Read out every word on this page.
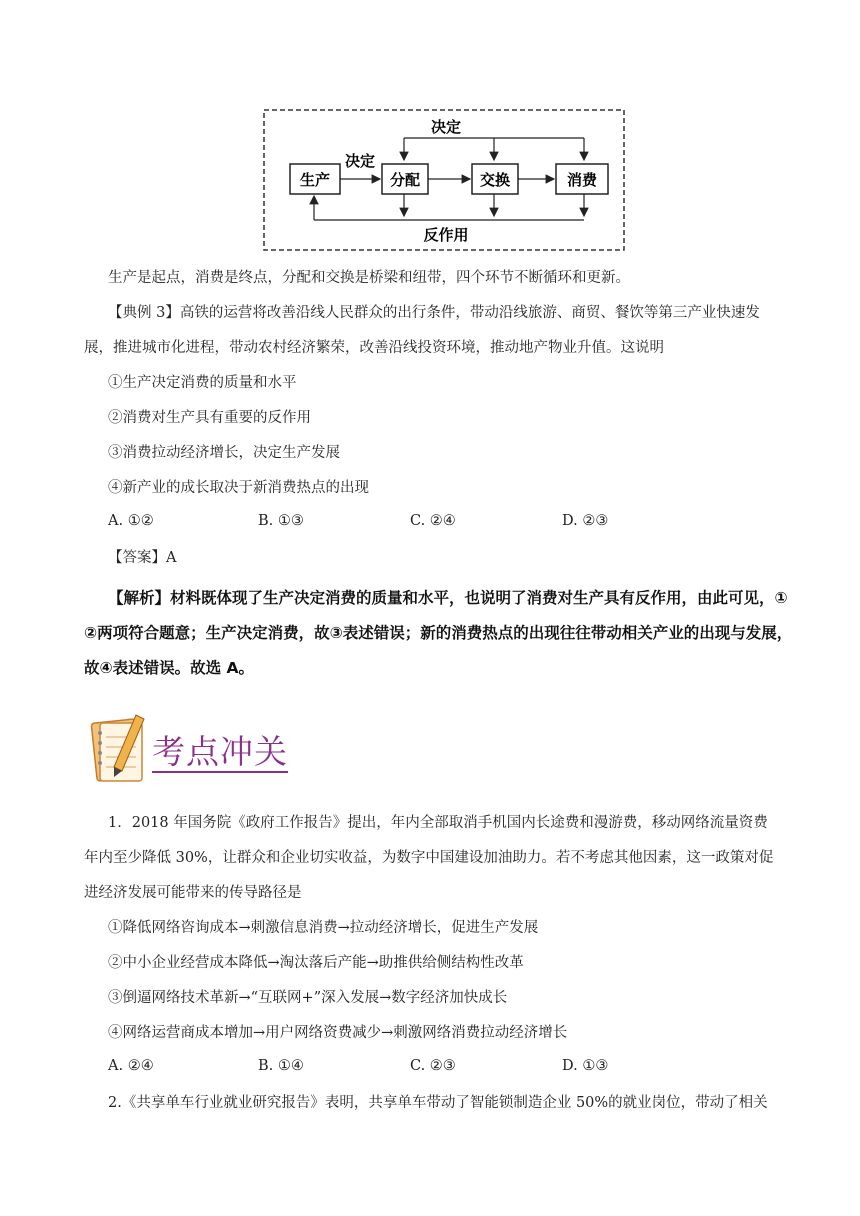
决定
决定
反作用
生产	分配	交换	消费
生产是起点，消费是终点，分配和交换是桥梁和纽带，四个环节不断循环和更新。
【典例 3】高铁的运营将改善沿线人民群众的出行条件，带动沿线旅游、商贸、餐饮等第三产业快速发
展，推进城市化进程，带动农村经济繁荣，改善沿线投资环境，推动地产物业升值。这说明
①生产决定消费的质量和水平
②消费对生产具有重要的反作用
③消费拉动经济增长，决定生产发展
④新产业的成长取决于新消费热点的出现
A. ①②	B. ①③	C. ②④	D. ②③
【答案】A
【解析】材料既体现了生产决定消费的质量和水平，也说明了消费对生产具有反作用，由此可见，①
②两项符合题意；生产决定消费，故③表述错误；新的消费热点的出现往往带动相关产业的出现与发展，
故④表述错误。故选 A。
考点冲关
1．2018 年国务院《政府工作报告》提出，年内全部取消手机国内长途费和漫游费，移动网络流量资费
年内至少降低 30%，让群众和企业切实收益，为数字中国建设加油助力。若不考虑其他因素，这一政策对促
进经济发展可能带来的传导路径是
①降低网络咨询成本→刺激信息消费→拉动经济增长，促进生产发展
②中小企业经营成本降低→淘汰落后产能→助推供给侧结构性改革
③倒逼网络技术革新→“互联网+”深入发展→数字经济加快成长
④网络运营商成本增加→用户网络资费减少→刺激网络消费拉动经济增长
A. ②④	B. ①④	C. ②③	D. ①③
2.《共享单车行业就业研究报告》表明，共享单车带动了智能锁制造企业 50%的就业岗位，带动了相关
